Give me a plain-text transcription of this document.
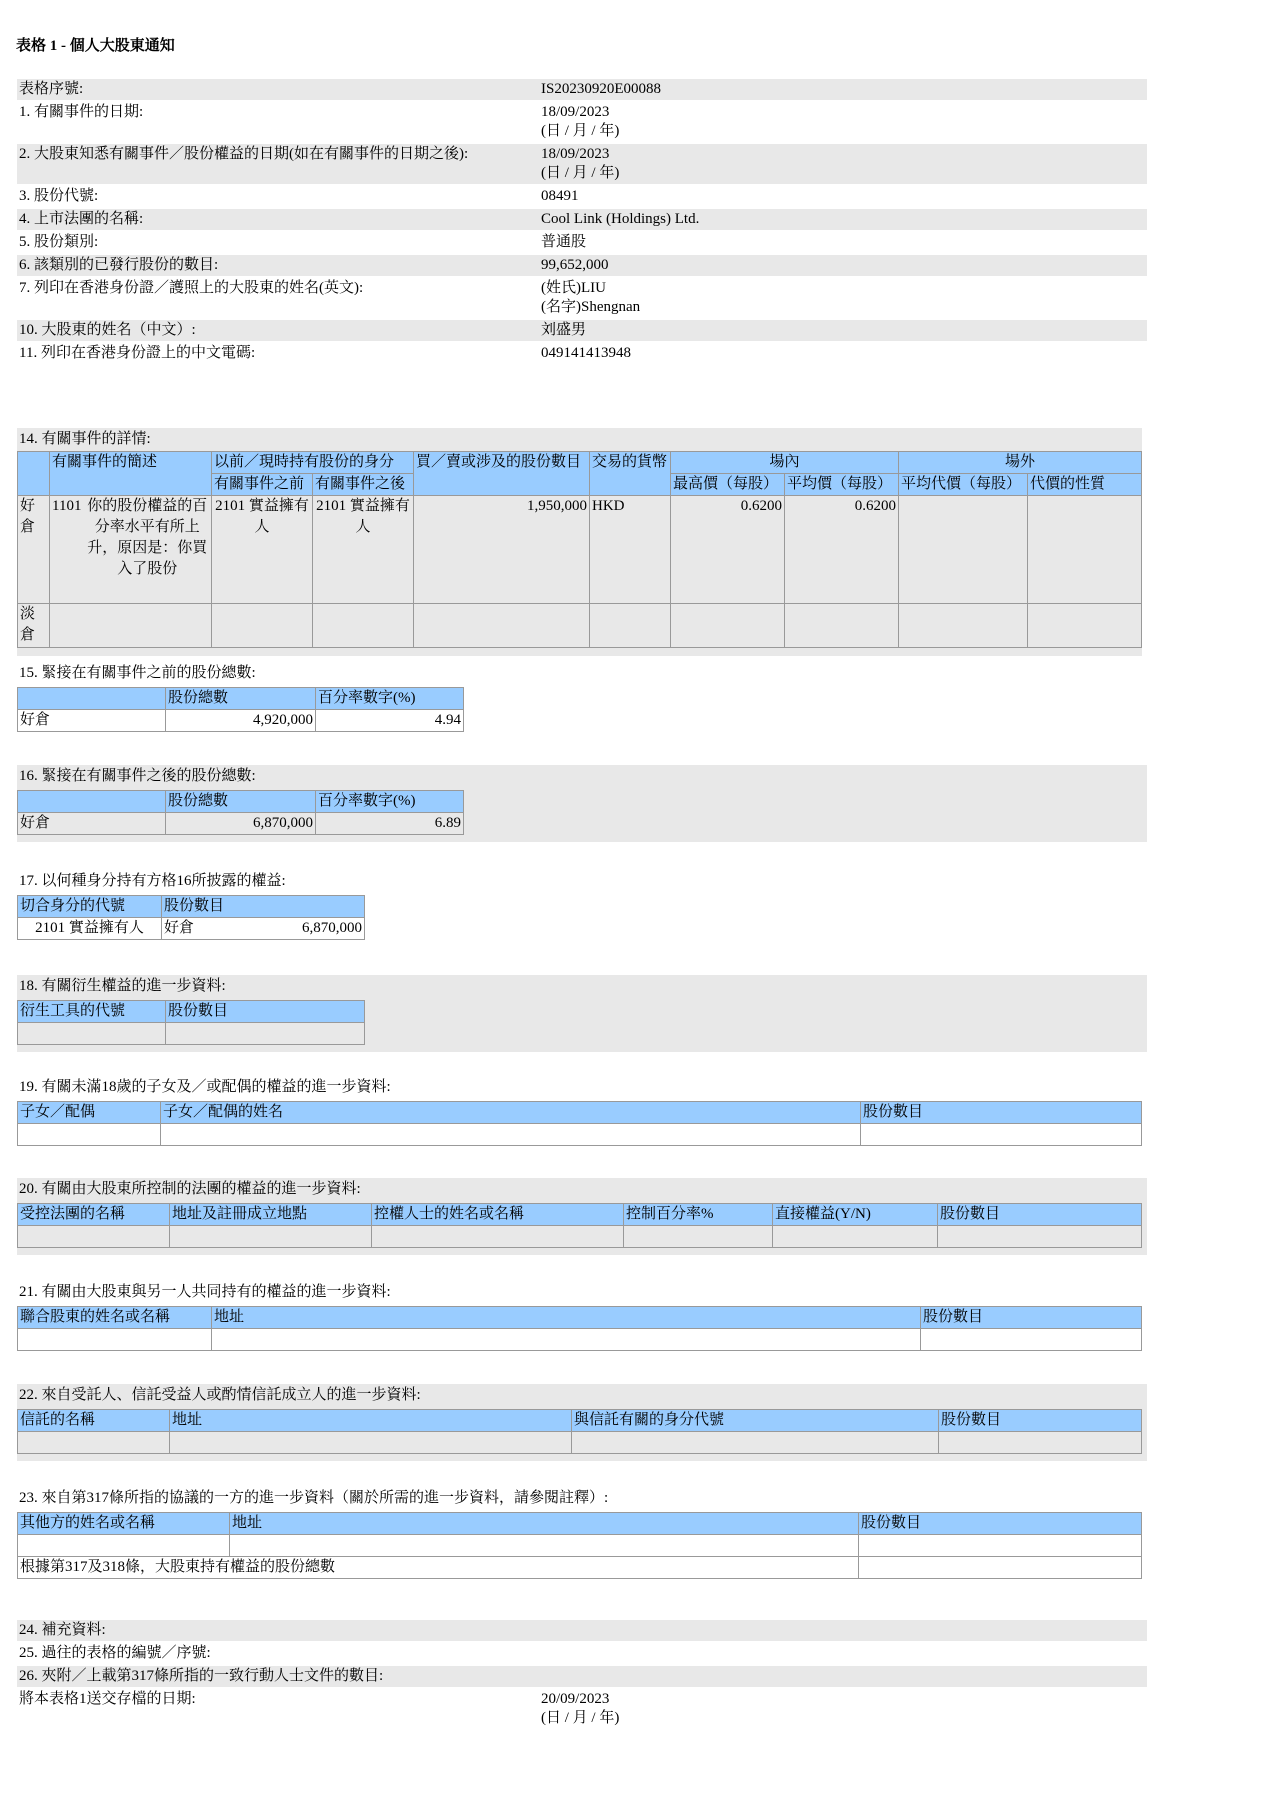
表格 1 - 個人大股東通知
表格序號:	IS20230920E00088

1. 有關事件的日期:	18/09/2023
(日 / 月 / 年)

2. 大股東知悉有關事件／股份權益的日期(如在有關事件的日期之後):	18/09/2023
(日 / 月 / 年)

3. 股份代號:	08491

4. 上市法團的名稱:	Cool Link (Holdings) Ltd.

5. 股份類別:	普通股

6. 該類別的已發行股份的數目:	99,652,000

7. 列印在香港身份證／護照上的大股東的姓名(英文):	(姓氏)LIU
(名字)Shengnan

10. 大股東的姓名（中文）:	刘盛男

11. 列印在香港身份證上的中文電碼:	049141413948
14. 有關事件的詳情:
	有關事件的簡述	以前／現時持有股份的身分		買／賣或涉及的股份數目	交易的貨幣	場內		場外	
		有關事件之前	有關事件之後			最高價（每股）	平均價（每股）	平均代價（每股）	代價的性質
好倉	1101 你的股份權益的百分率水平有所上升，原因是：你買入了股份	2101 實益擁有人	2101 實益擁有人	1,950,000	HKD	0.6200	0.6200		
淡倉									
15. 緊接在有關事件之前的股份總數:
	股份總數	百分率數字(%)
好倉	4,920,000	4.94
16. 緊接在有關事件之後的股份總數:
	股份總數	百分率數字(%)
好倉	6,870,000	6.89
17. 以何種身分持有方格16所披露的權益:
切合身分的代號	股份數目
2101 實益擁有人	好倉 6,870,000
18. 有關衍生權益的進一步資料:
衍生工具的代號	股份數目

19. 有關未滿18歲的子女及／或配偶的權益的進一步資料:
子女／配偶	子女／配偶的姓名	股份數目

20. 有關由大股東所控制的法團的權益的進一步資料:
受控法團的名稱	地址及註冊成立地點	控權人士的姓名或名稱	控制百分率%	直接權益(Y/N)	股份數目

21. 有關由大股東與另一人共同持有的權益的進一步資料:
聯合股東的姓名或名稱	地址	股份數目

22. 來自受託人、信託受益人或酌情信託成立人的進一步資料:
信託的名稱	地址	與信託有關的身分代號	股份數目

23. 來自第317條所指的協議的一方的進一步資料（關於所需的進一步資料，請參閱註釋）:
其他方的姓名或名稱	地址	股份數目

根據第317及318條，大股東持有權益的股份總數		
24. 補充資料:	

25. 過往的表格的編號／序號:	

26. 夾附／上載第317條所指的一致行動人士文件的數目:	

將本表格1送交存檔的日期:	20/09/2023
(日 / 月 / 年)
